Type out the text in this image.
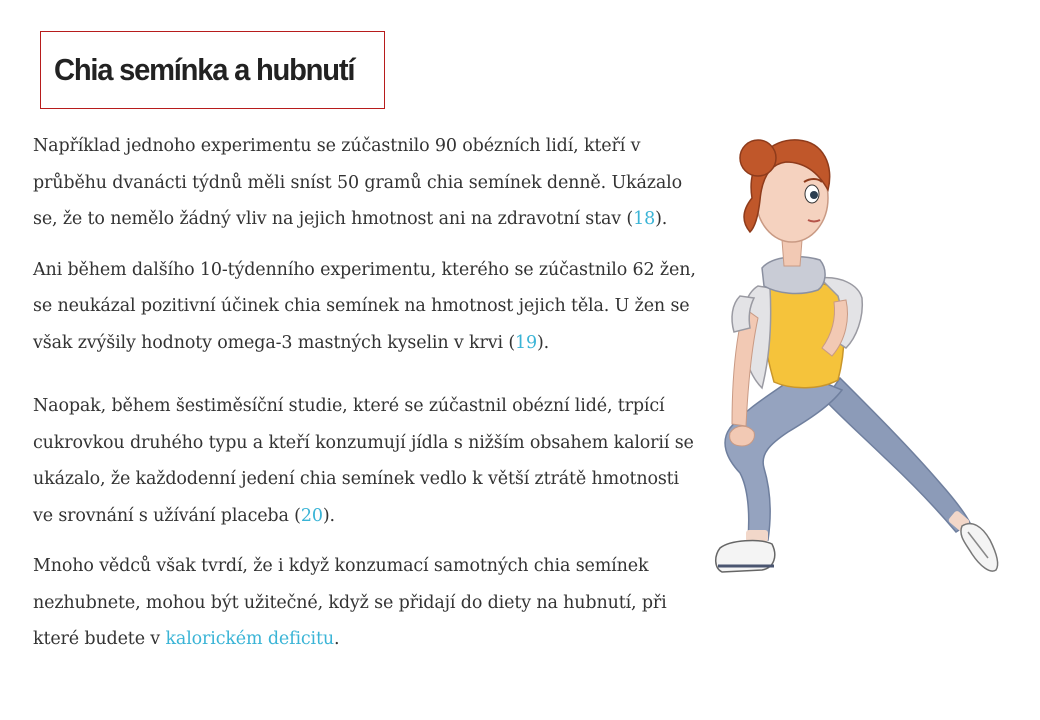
Chia semínka a hubnutí

Například jednoho experimentu se zúčastnilo 90 obézních lidí, kteří v průběhu dvanácti týdnů měli sníst 50 gramů chia semínek denně. Ukázalo se, že to nemělo žádný vliv na jejich hmotnost ani na zdravotní stav (18).

Ani během dalšího 10-týdenního experimentu, kterého se zúčastnilo 62 žen, se neukázal pozitivní účinek chia semínek na hmotnost jejich těla. U žen se však zvýšily hodnoty omega-3 mastných kyselin v krvi (19).

Naopak, během šestiměsíční studie, které se zúčastnil obézní lidé, trpící cukrovkou druhého typu a kteří konzumují jídla s nižším obsahem kalorií se ukázalo, že každodenní jedení chia semínek vedlo k větší ztrátě hmotnosti ve srovnání s užívání placeba (20).

Mnoho vědců však tvrdí, že i když konzumací samotných chia semínek nezhubnete, mohou být užitečné, když se přidají do diety na hubnutí, při které budete v kalorickém deficitu.
